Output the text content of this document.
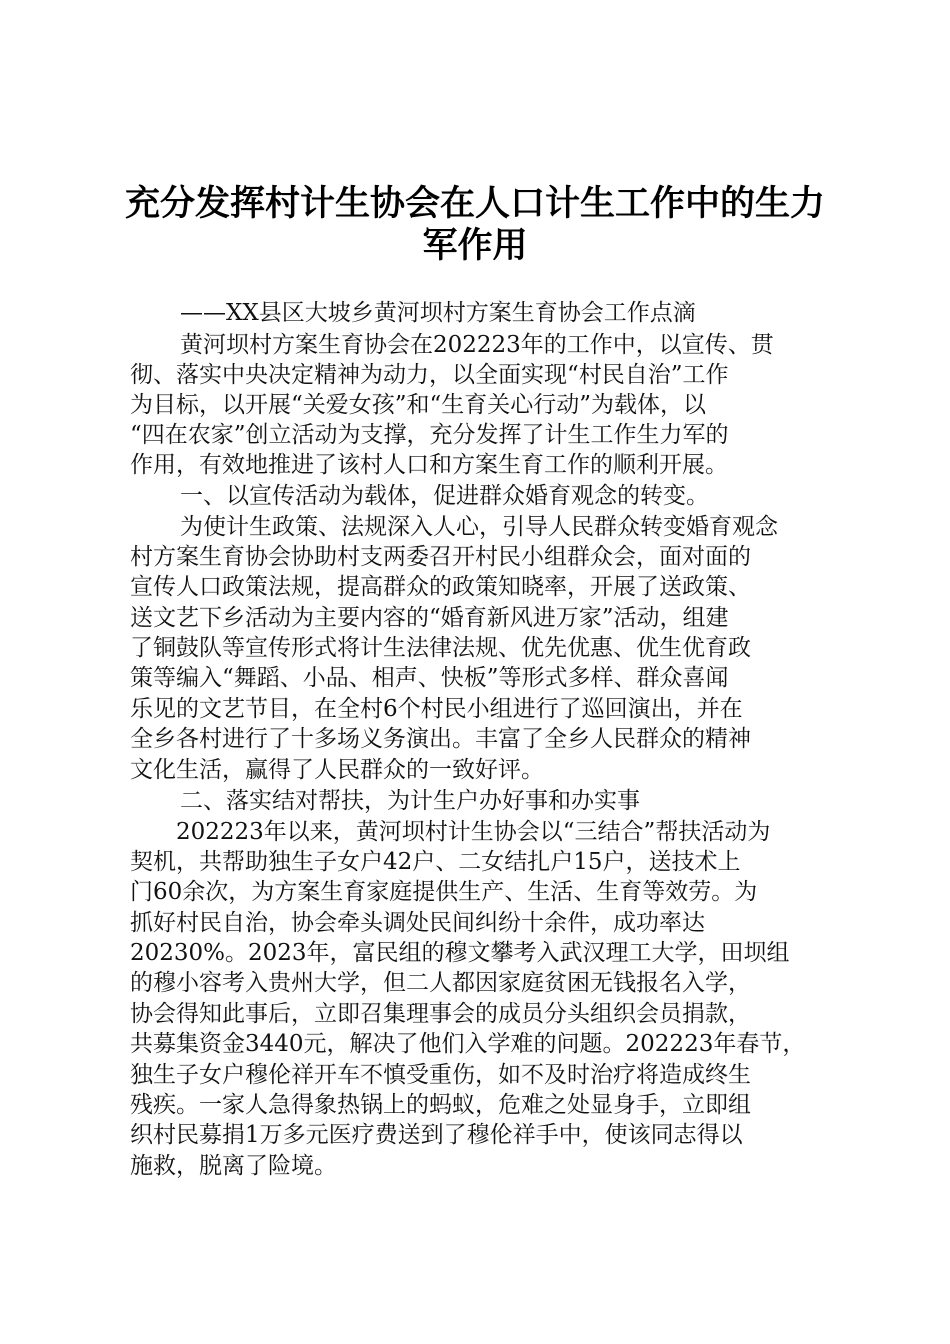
充分发挥村计生协会在人口计生工作中的生力
军作用

——XX县区大坡乡黄河坝村方案生育协会工作点滴

黄河坝村方案生育协会在202223年的工作中，以宣传、贯

彻、落实中央决定精神为动力，以全面实现“村民自治”工作

为目标，以开展“关爱女孩”和“生育关心行动”为载体，以

“四在农家”创立活动为支撑，充分发挥了计生工作生力军的

作用，有效地推进了该村人口和方案生育工作的顺利开展。

一、以宣传活动为载体，促进群众婚育观念的转变。

为使计生政策、法规深入人心，引导人民群众转变婚育观念

村方案生育协会协助村支两委召开村民小组群众会，面对面的

宣传人口政策法规，提高群众的政策知晓率，开展了送政策、

送文艺下乡活动为主要内容的“婚育新风进万家”活动，组建

了铜鼓队等宣传形式将计生法律法规、优先优惠、优生优育政

策等编入“舞蹈、小品、相声、快板”等形式多样、群众喜闻

乐见的文艺节目，在全村6个村民小组进行了巡回演出，并在

全乡各村进行了十多场义务演出。丰富了全乡人民群众的精神

文化生活，赢得了人民群众的一致好评。

二、落实结对帮扶，为计生户办好事和办实事

202223年以来，黄河坝村计生协会以“三结合”帮扶活动为

契机，共帮助独生子女户42户、二女结扎户15户，送技术上

门60余次，为方案生育家庭提供生产、生活、生育等效劳。为

抓好村民自治，协会牵头调处民间纠纷十余件，成功率达

20230%。2023年，富民组的穆文攀考入武汉理工大学，田坝组

的穆小容考入贵州大学，但二人都因家庭贫困无钱报名入学，

协会得知此事后，立即召集理事会的成员分头组织会员捐款，

共募集资金3440元，解决了他们入学难的问题。202223年春节，

独生子女户穆伦祥开车不慎受重伤，如不及时治疗将造成终生

残疾。一家人急得象热锅上的蚂蚁，危难之处显身手，立即组

织村民募捐1万多元医疗费送到了穆伦祥手中，使该同志得以

施救，脱离了险境。
